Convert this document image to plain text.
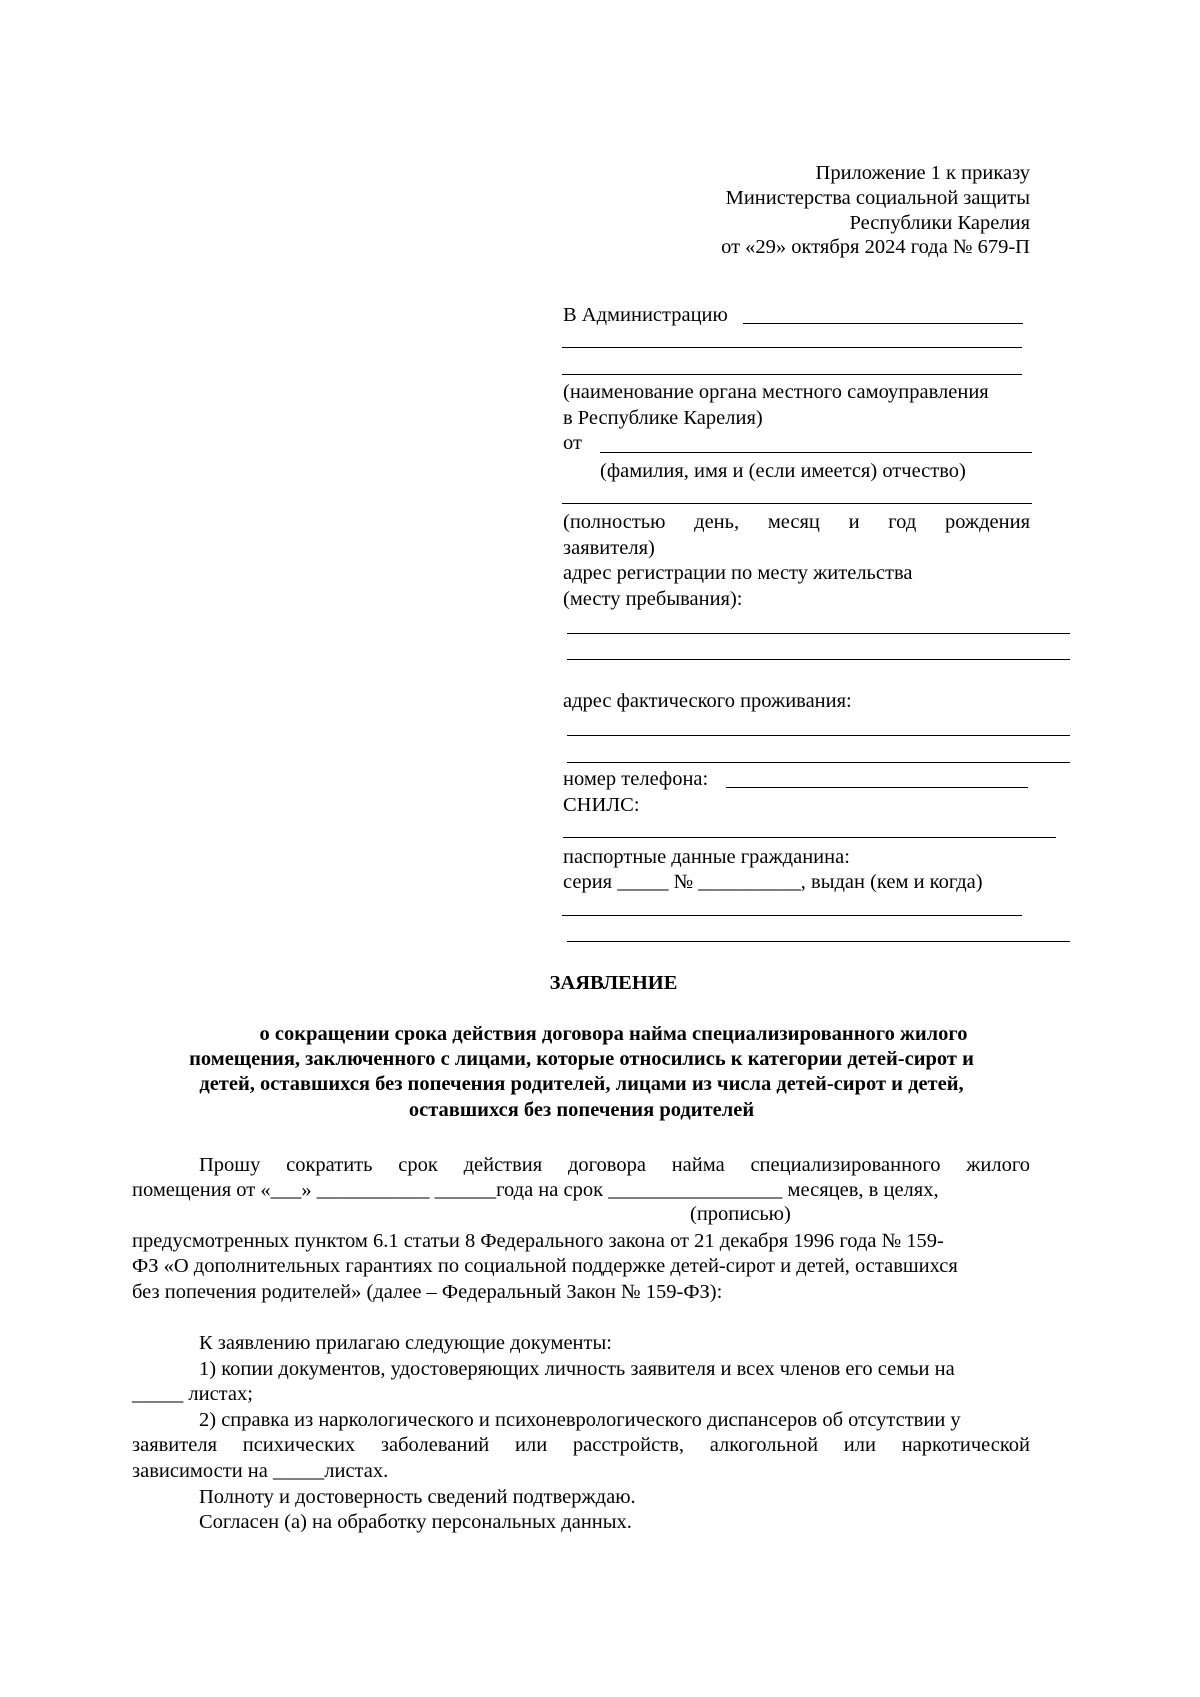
Приложение 1 к приказу
Министерства социальной защиты
Республики Карелия
от «29» октября 2024 года № 679-П
В Администрацию
(наименование органа местного самоуправления
в Республике Карелия)
от
(фамилия, имя и (если имеется) отчество)
(полностью день, месяц и год рождения
заявителя)
адрес регистрации по месту жительства
(месту пребывания):
адрес фактического проживания:
номер телефона:
СНИЛС:
паспортные данные гражданина:
серия _____ № __________, выдан (кем и когда)
ЗАЯВЛЕНИЕ
о сокращении срока действия договора найма специализированного жилого
помещения, заключенного с лицами, которые относились к категории детей-сирот и
детей, оставшихся без попечения родителей, лицами из числа детей-сирот и детей,
оставшихся без попечения родителей
Прошу сократить срок действия договора найма специализированного жилого
помещения от «___» ___________ ______года на срок _________________ месяцев, в целях,
(прописью)
предусмотренных пунктом 6.1 статьи 8 Федерального закона от 21 декабря 1996 года № 159-
ФЗ «О дополнительных гарантиях по социальной поддержке детей-сирот и детей, оставшихся
без попечения родителей» (далее – Федеральный Закон № 159-ФЗ):
К заявлению прилагаю следующие документы:
1) копии документов, удостоверяющих личность заявителя и всех членов его семьи на
_____ листах;
2) справка из наркологического и психоневрологического диспансеров об отсутствии у
заявителя психических заболеваний или расстройств, алкогольной или наркотической
зависимости на _____листах.
Полноту и достоверность сведений подтверждаю.
Согласен (а) на обработку персональных данных.
